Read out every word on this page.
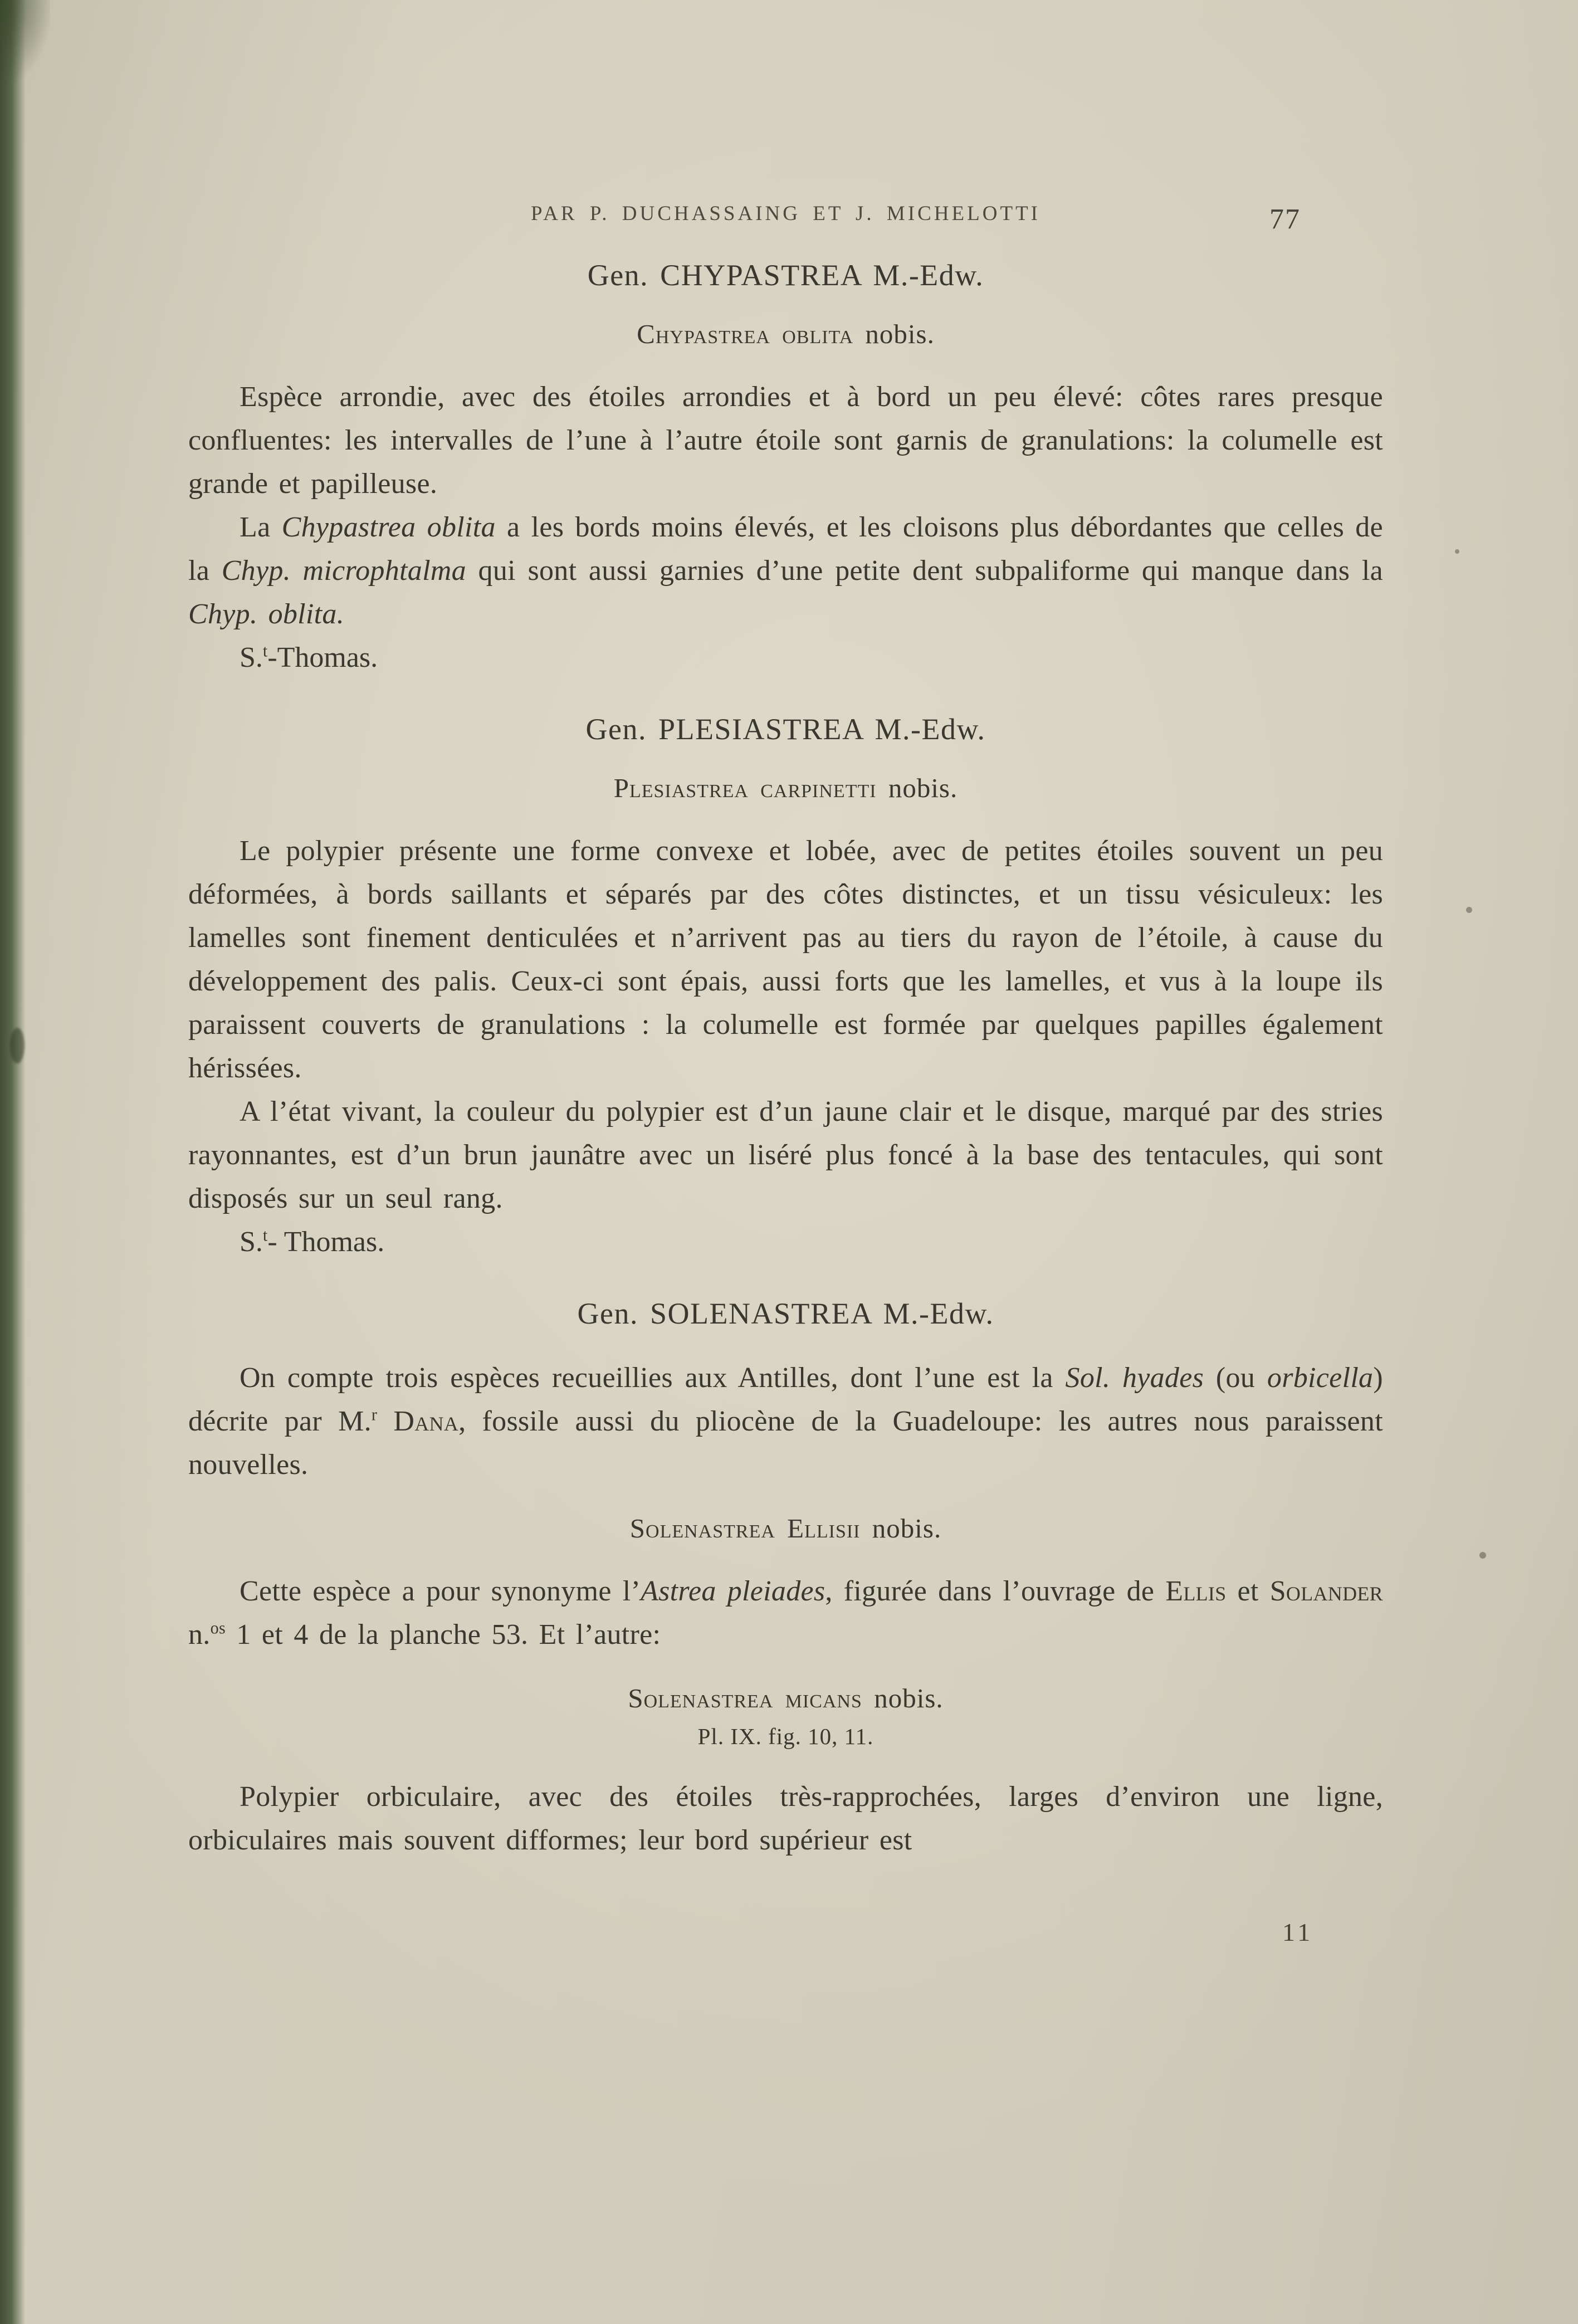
PAR P. DUCHASSAING ET J. MICHELOTTI	77
Gen. CHYPASTREA M.-Edw.
Chypastrea oblita nobis.

Espèce arrondie, avec des étoiles arrondies et à bord un peu élevé: côtes rares presque confluentes: les intervalles de l’une à l’autre étoile sont garnis de granulations: la columelle est grande et papilleuse.

La Chypastrea oblita a les bords moins élevés, et les cloisons plus débordantes que celles de la Chyp. microphtalma qui sont aussi garnies d’une petite dent subpaliforme qui manque dans la Chyp. oblita.

S.$^t$-Thomas.

Gen. PLESIASTREA M.-Edw.
Plesiastrea carpinetti nobis.

Le polypier présente une forme convexe et lobée, avec de petites étoiles souvent un peu déformées, à bords saillants et séparés par des côtes distinctes, et un tissu vésiculeux: les lamelles sont finement denticulées et n’arrivent pas au tiers du rayon de l’étoile, à cause du développement des palis. Ceux-ci sont épais, aussi forts que les lamelles, et vus à la loupe ils paraissent couverts de granulations : la columelle est formée par quelques papilles également hérissées.

A l’état vivant, la couleur du polypier est d’un jaune clair et le disque, marqué par des stries rayonnantes, est d’un brun jaunâtre avec un liséré plus foncé à la base des tentacules, qui sont disposés sur un seul rang.

S.$^t$- Thomas.

Gen. SOLENASTREA M.-Edw.

On compte trois espèces recueillies aux Antilles, dont l’une est la Sol. hyades (ou orbicella) décrite par M.$^r$ Dana, fossile aussi du pliocène de la Guadeloupe: les autres nous paraissent nouvelles.

Solenastrea Ellisii nobis.

Cette espèce a pour synonyme l’Astrea pleiades, figurée dans l’ouvrage de Ellis et Solander n.$^{os}$ 1 et 4 de la planche 53. Et l’autre:

Solenastrea micans nobis.

Pl. IX. fig. 10, 11.

Polypier orbiculaire, avec des étoiles très-rapprochées, larges d’environ une ligne, orbiculaires mais souvent difformes; leur bord supérieur est

11
